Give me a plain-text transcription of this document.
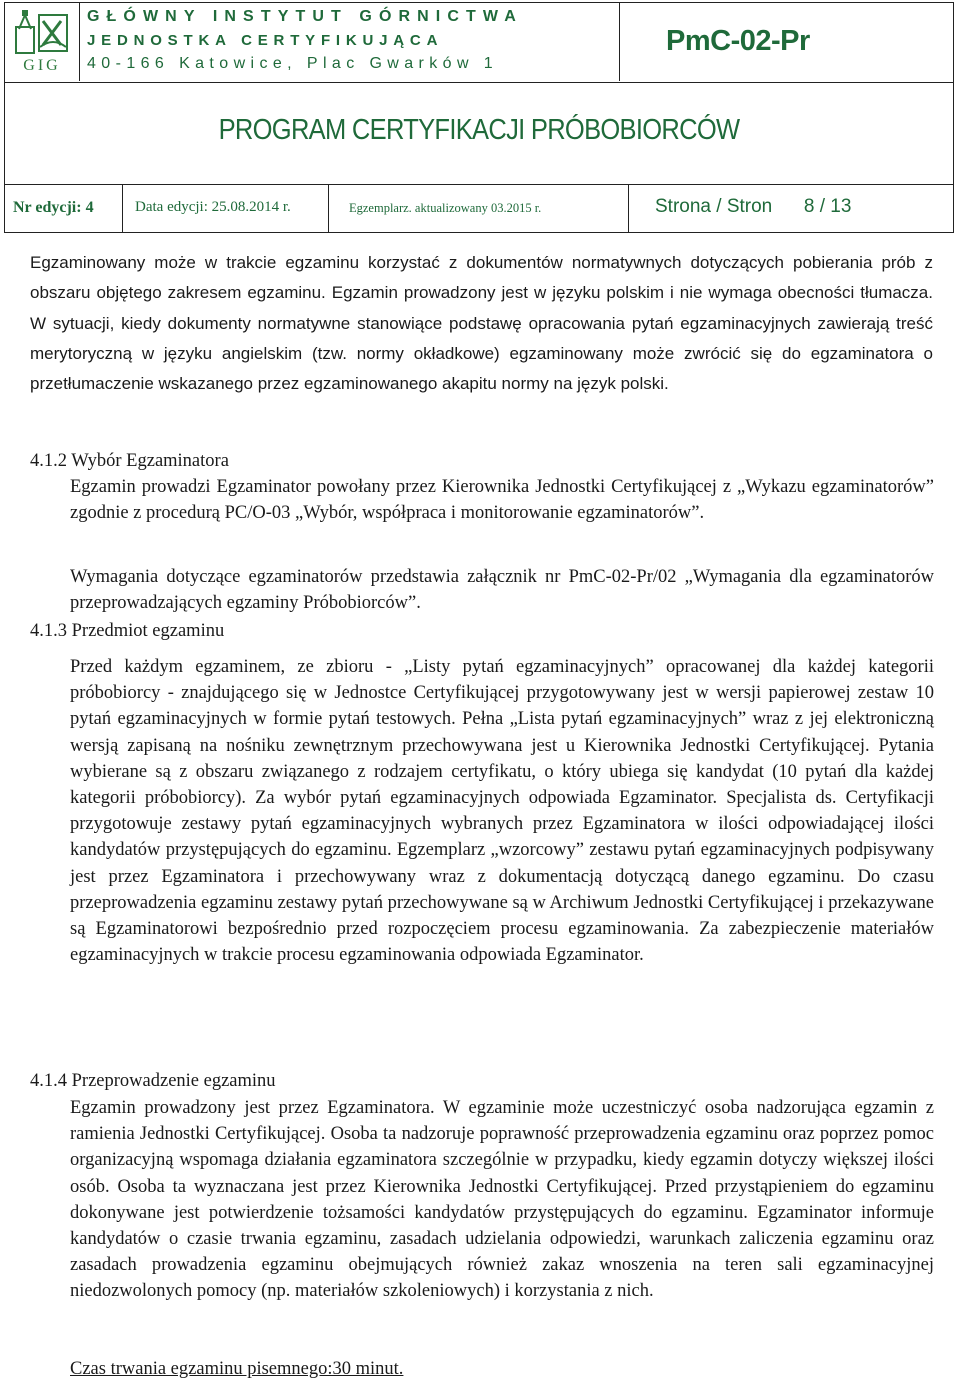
GIG
GŁÓWNY INSTYTUT GÓRNICTWA
JEDNOSTKA CERTYFIKUJĄCA
40-166 Katowice, Plac Gwarków 1
PmC-02-Pr
PROGRAM CERTYFIKACJI PRÓBOBIORCÓW
Nr edycji: 4	Data edycji: 25.08.2014 r.	Egzemplarz. aktualizowany 03.2015 r.	Strona / Stron      8 / 13

Egzaminowany może w trakcie egzaminu korzystać z dokumentów normatywnych dotyczących pobierania prób z obszaru objętego zakresem egzaminu. Egzamin prowadzony jest w języku polskim i nie wymaga obecności tłumacza. W sytuacji, kiedy dokumenty normatywne stanowiące podstawę opracowania pytań egzaminacyjnych zawierają treść merytoryczną w języku angielskim (tzw. normy okładkowe) egzaminowany może zwrócić się do egzaminatora o przetłumaczenie wskazanego przez egzaminowanego akapitu normy na język polski.

4.1.2 Wybór Egzaminatora

Egzamin prowadzi Egzaminator powołany przez Kierownika Jednostki Certyfikującej z „Wykazu egzaminatorów” zgodnie z procedurą PC/O-03 „Wybór, współpraca i monitorowanie egzaminatorów”.

Wymagania dotyczące egzaminatorów przedstawia załącznik nr PmC-02-Pr/02 „Wymagania dla egzaminatorów przeprowadzających egzaminy Próbobiorców”.

4.1.3 Przedmiot egzaminu

Przed każdym egzaminem, ze zbioru - „Listy pytań egzaminacyjnych” opracowanej dla każdej kategorii próbobiorcy - znajdującego się w Jednostce Certyfikującej przygotowywany jest w wersji papierowej zestaw 10 pytań egzaminacyjnych w formie pytań testowych. Pełna „Lista pytań egzaminacyjnych” wraz z jej elektroniczną wersją zapisaną na nośniku zewnętrznym przechowywana jest u Kierownika Jednostki Certyfikującej. Pytania wybierane są z obszaru związanego z rodzajem certyfikatu, o który ubiega się kandydat (10 pytań dla każdej kategorii próbobiorcy). Za wybór pytań egzaminacyjnych odpowiada Egzaminator. Specjalista ds. Certyfikacji przygotowuje zestawy pytań egzaminacyjnych wybranych przez Egzaminatora w ilości odpowiadającej ilości kandydatów przystępujących do egzaminu. Egzemplarz „wzorcowy” zestawu pytań egzaminacyjnych podpisywany jest przez Egzaminatora i przechowywany wraz z dokumentacją dotyczącą danego egzaminu. Do czasu przeprowadzenia egzaminu zestawy pytań przechowywane są w Archiwum Jednostki Certyfikującej i przekazywane są Egzaminatorowi bezpośrednio przed rozpoczęciem procesu egzaminowania. Za zabezpieczenie materiałów egzaminacyjnych w trakcie procesu egzaminowania odpowiada Egzaminator.

4.1.4 Przeprowadzenie egzaminu

Egzamin prowadzony jest przez Egzaminatora. W egzaminie może uczestniczyć osoba nadzorująca egzamin z ramienia Jednostki Certyfikującej. Osoba ta nadzoruje poprawność przeprowadzenia egzaminu oraz poprzez pomoc organizacyjną wspomaga działania egzaminatora szczególnie w przypadku, kiedy egzamin dotyczy większej ilości osób. Osoba ta wyznaczana jest przez Kierownika Jednostki Certyfikującej. Przed przystąpieniem do egzaminu dokonywane jest potwierdzenie tożsamości kandydatów przystępujących do egzaminu. Egzaminator informuje kandydatów o czasie trwania egzaminu, zasadach udzielania odpowiedzi, warunkach zaliczenia egzaminu oraz zasadach prowadzenia egzaminu obejmujących również zakaz wnoszenia na teren sali egzaminacyjnej niedozwolonych pomocy (np. materiałów szkoleniowych) i korzystania z nich.

Czas trwania egzaminu pisemnego:30 minut.
